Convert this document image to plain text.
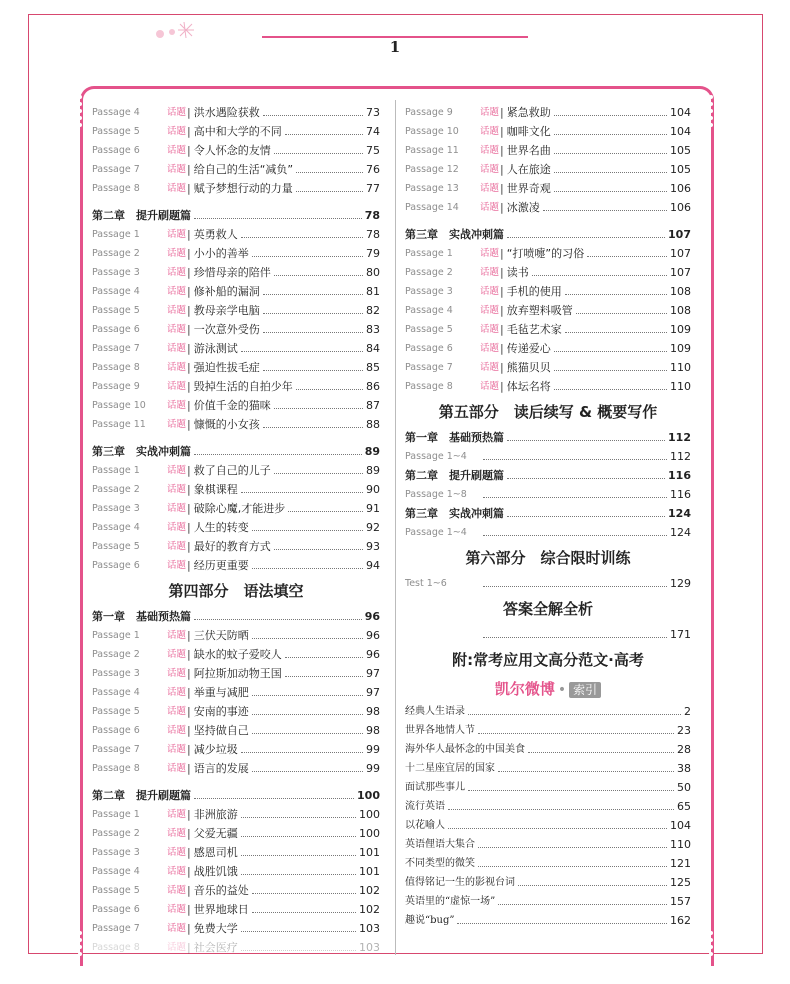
1
Passage 4	话题 | 洪水遇险获救	73
Passage 5	话题 | 高中和大学的不同	74
Passage 6	话题 | 令人怀念的友情	75
Passage 7	话题 | 给自己的生活“减负”	76
Passage 8	话题 | 赋予梦想行动的力量	77
第二章　提升刷题篇	78
Passage 1	话题 | 英勇救人	78
Passage 2	话题 | 小小的善举	79
Passage 3	话题 | 珍惜母亲的陪伴	80
Passage 4	话题 | 修补船的漏洞	81
Passage 5	话题 | 教母亲学电脑	82
Passage 6	话题 | 一次意外受伤	83
Passage 7	话题 | 游泳测试	84
Passage 8	话题 | 强迫性拔毛症	85
Passage 9	话题 | 毁掉生活的自拍少年	86
Passage 10	话题 | 价值千金的猫咪	87
Passage 11	话题 | 慷慨的小女孩	88
第三章　实战冲刺篇	89
Passage 1	话题 | 救了自己的儿子	89
Passage 2	话题 | 象棋课程	90
Passage 3	话题 | 破除心魔,才能进步	91
Passage 4	话题 | 人生的转变	92
Passage 5	话题 | 最好的教育方式	93
Passage 6	话题 | 经历更重要	94
第四部分　语法填空
第一章　基础预热篇	96
Passage 1	话题 | 三伏天防晒	96
Passage 2	话题 | 缺水的蚊子爱咬人	96
Passage 3	话题 | 阿拉斯加动物王国	97
Passage 4	话题 | 举重与减肥	97
Passage 5	话题 | 安南的事迹	98
Passage 6	话题 | 坚持做自己	98
Passage 7	话题 | 减少垃圾	99
Passage 8	话题 | 语言的发展	99
第二章　提升刷题篇	100
Passage 1	话题 | 非洲旅游	100
Passage 2	话题 | 父爱无疆	100
Passage 3	话题 | 感恩司机	101
Passage 4	话题 | 战胜饥饿	101
Passage 5	话题 | 音乐的益处	102
Passage 6	话题 | 世界地球日	102
Passage 7	话题 | 免费大学	103
Passage 8	话题 | 社会医疗	103
Passage 9	话题 | 紧急救助	104
Passage 10	话题 | 咖啡文化	104
Passage 11	话题 | 世界名曲	105
Passage 12	话题 | 人在旅途	105
Passage 13	话题 | 世界奇观	106
Passage 14	话题 | 冰激凌	106
第三章　实战冲刺篇	107
Passage 1	话题 | “打喷嚏”的习俗	107
Passage 2	话题 | 读书	107
Passage 3	话题 | 手机的使用	108
Passage 4	话题 | 放弃塑料吸管	108
Passage 5	话题 | 毛毡艺术家	109
Passage 6	话题 | 传递爱心	109
Passage 7	话题 | 熊猫贝贝	110
Passage 8	话题 | 体坛名将	110
第五部分　读后续写 & 概要写作
第一章　基础预热篇	112
Passage 1~4	112
第二章　提升刷题篇	116
Passage 1~8	116
第三章　实战冲刺篇	124
Passage 1~4	124
第六部分　综合限时训练
Test 1~6	129
答案全解全析
171
附:常考应用文高分范文·高考
凯尔微博 • 索引
经典人生语录	2
世界各地情人节	23
海外华人最怀念的中国美食	28
十二星座宜居的国家	38
面试那些事儿	50
流行英语	65
以花喻人	104
英语俚语大集合	110
不同类型的微笑	121
值得铭记一生的影视台词	125
英语里的“虚惊一场”	157
趣说“bug”	162
